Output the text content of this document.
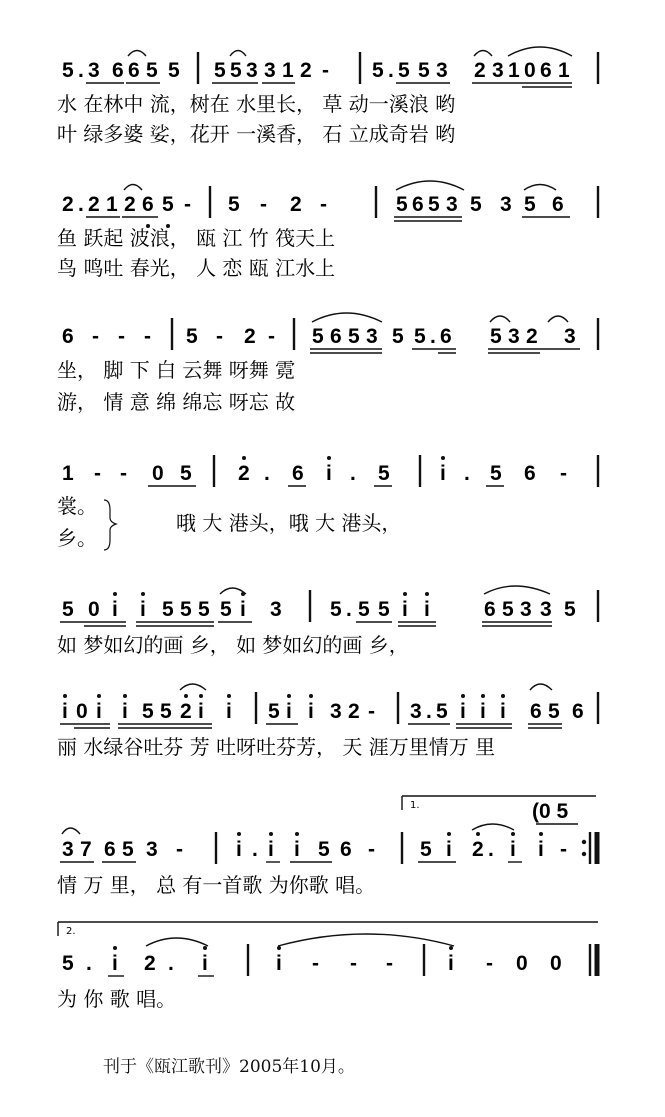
5 . 3 6 6 5 5 5 5 3 3 1 2 - 5 . 5 5 3 2 3 1 0 6 1
水 在林中 流，树在 水里长， 草 动一溪浪 哟
叶 绿多婆 娑，花开 一溪香， 石 立成奇岩 哟
2 . 2 1 2 6 5 - 5 - 2 -	5 6 5 3 5 3 5 6
鱼 跃起 波浪， 瓯 江 竹 筏天上
鸟 鸣吐 春光， 人 恋 瓯 江水上
6 - - - 5 - 2 - 5 6 5 3 5 5 . 6 5 3 2 3
坐， 脚 下 白 云舞 呀舞 霓
游， 情 意 绵 绵忘 呀忘 故
1 - - 0 5 2 . 6 i . 5 i . 5 6 -
裳。
乡。
哦 大 港头，哦 大 港头，
5 0 i i 5 5 5 5 i 3 5 . 5 5 i i	6 5 3 3 5
如 梦如幻的画 乡， 如 梦如幻的画 乡，
i 0 i i 5 5 2 i i 5 i i 3 2 - 3 . 5 i i i 6 5 6
丽 水绿谷吐芬 芳 吐呀吐芬芳， 天 涯万里情万 里
1.	(0 5
3 7 6 5 3 -	i . i i 5 6 - 5 i 2 . i i -
情 万 里， 总 有一首歌 为你歌 唱。
2.
5 . i 2 . i	i - - -	i - 0 0
为 你 歌 唱。
刊于《瓯江歌刊》2005年10月。
